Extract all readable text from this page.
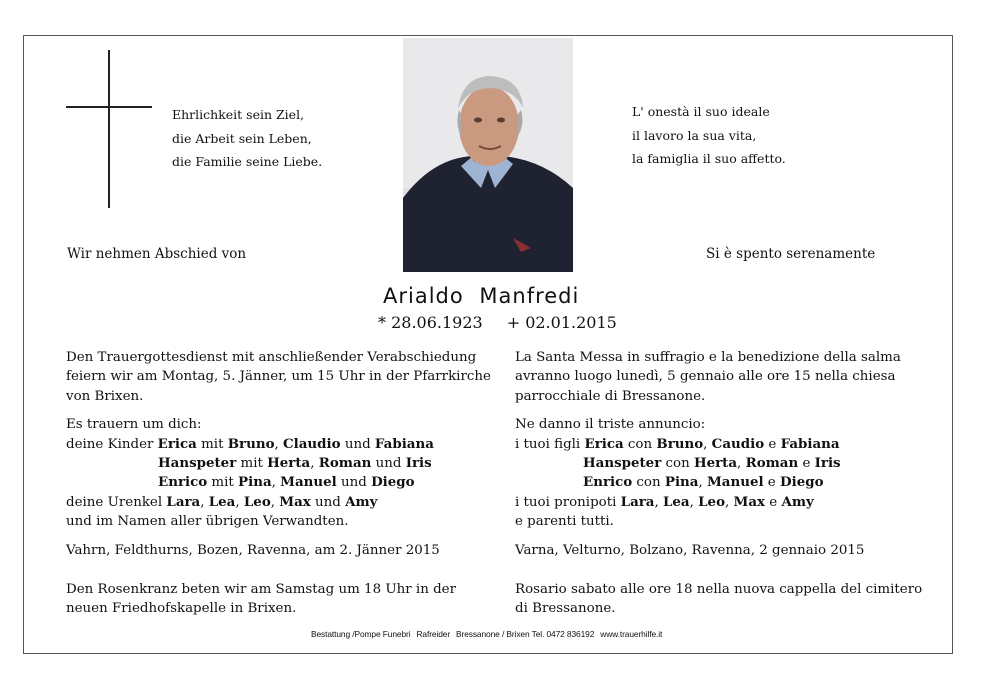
Ehrlichkeit sein Ziel,
die Arbeit sein Leben,
die Familie seine Liebe.
L' onestà il suo ideale
il lavoro la sua vita,
la famiglia il suo affetto.
Wir nehmen Abschied von	Si è spento serenamente
Arialdo Manfredi
* 28.06.1923 + 02.01.2015

Den Trauergottesdienst mit anschließender Verabschiedung

feiern wir am Montag, 5. Jänner, um 15 Uhr in der Pfarrkirche

von Brixen.

Es trauern um dich:

deine Kinder Erica mit Bruno, Claudio und Fabiana

Hanspeter mit Herta, Roman und Iris

Enrico mit Pina, Manuel und Diego

deine Urenkel Lara, Lea, Leo, Max und Amy

und im Namen aller übrigen Verwandten.

Vahrn, Feldthurns, Bozen, Ravenna, am 2. Jänner 2015

Den Rosenkranz beten wir am Samstag um 18 Uhr in der

neuen Friedhofskapelle in Brixen.

La Santa Messa in suffragio e la benedizione della salma

avranno luogo lunedì, 5 gennaio alle ore 15 nella chiesa

parrocchiale di Bressanone.

Ne danno il triste annuncio:

i tuoi figli Erica con Bruno, Caudio e Fabiana

Hanspeter con Herta, Roman e Iris

Enrico con Pina, Manuel e Diego

i tuoi pronipoti Lara, Lea, Leo, Max e Amy

e parenti tutti.

Varna, Velturno, Bolzano, Ravenna, 2 gennaio 2015

Rosario sabato alle ore 18 nella nuova cappella del cimitero

di Bressanone.

Bestattung /Pompe Funebri Rafreider Bressanone / Brixen Tel. 0472 836192 www.trauerhilfe.it
